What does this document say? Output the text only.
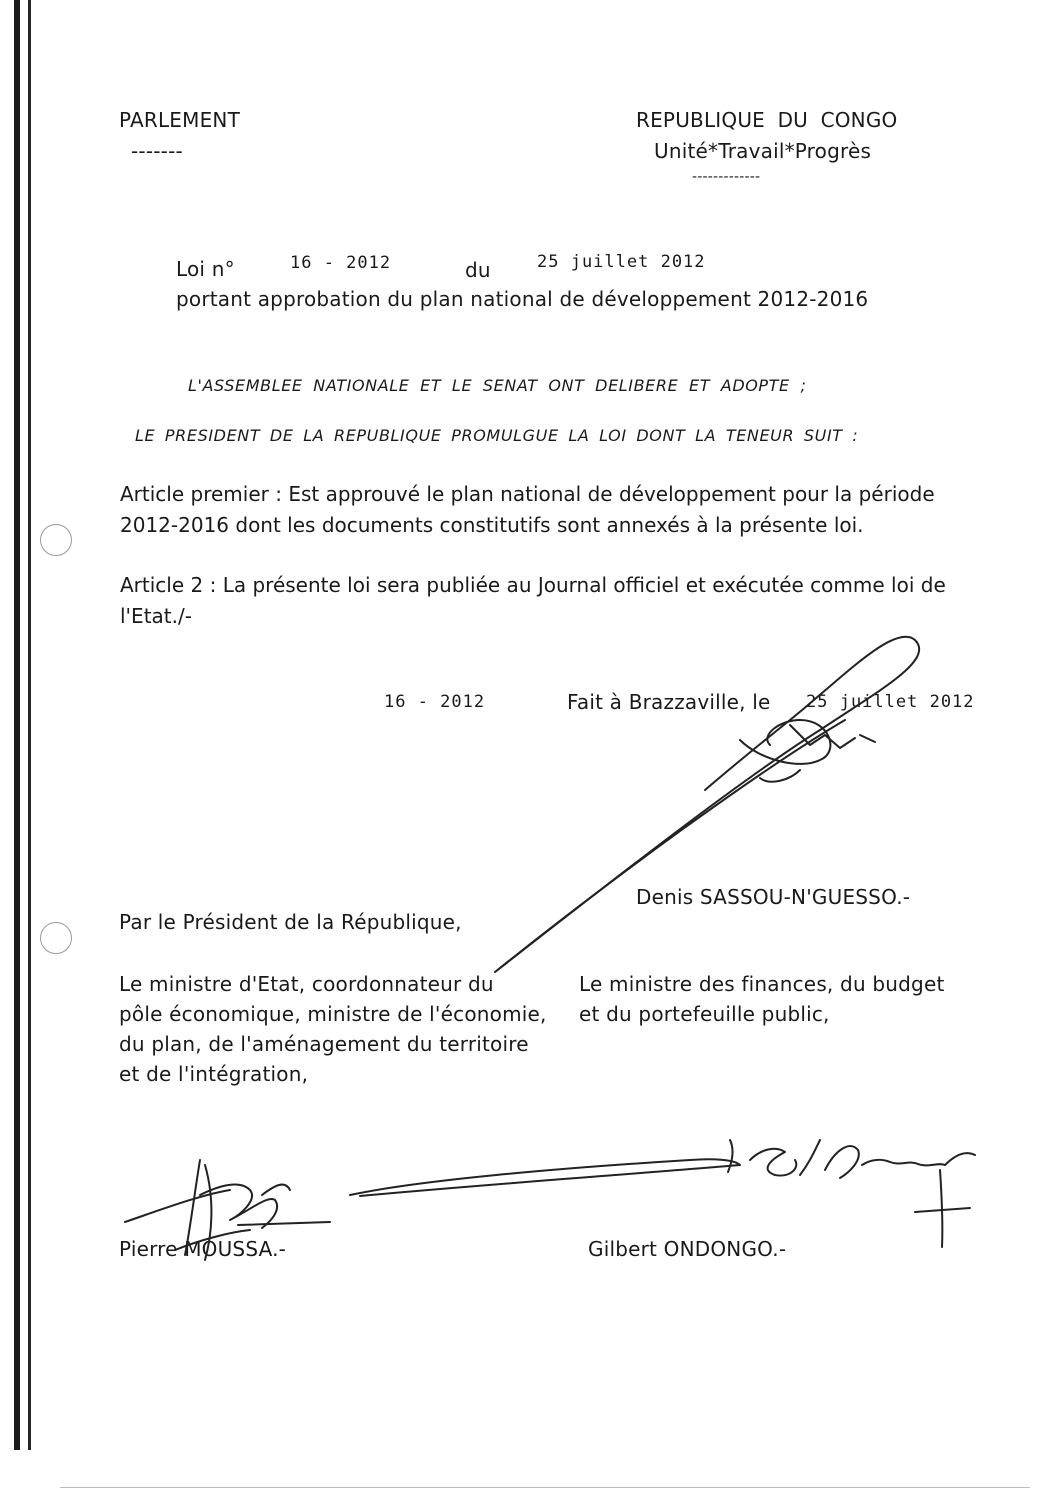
PARLEMENT
-------
REPUBLIQUE DU CONGO
Unité*Travail*Progrès
-------------
Loi n°	16 - 2012	du	25 juillet 2012
portant approbation du plan national de développement 2012-2016
L'ASSEMBLEE NATIONALE ET LE SENAT ONT DELIBERE ET ADOPTE ;
LE PRESIDENT DE LA REPUBLIQUE PROMULGUE LA LOI DONT LA TENEUR SUIT :
Article premier : Est approuvé le plan national de développement pour la période 2012-2016 dont les documents constitutifs sont annexés à la présente loi.
Article 2 : La présente loi sera publiée au Journal officiel et exécutée comme loi de l'Etat./-
16 - 2012	Fait à Brazzaville, le 25 juillet 2012
Denis SASSOU-N'GUESSO.-
Par le Président de la République,
Le ministre d'Etat, coordonnateur du
pôle économique, ministre de l'économie,
du plan, de l'aménagement du territoire
et de l'intégration,
Le ministre des finances, du budget
et du portefeuille public,
Pierre MOUSSA.-	Gilbert ONDONGO.-
